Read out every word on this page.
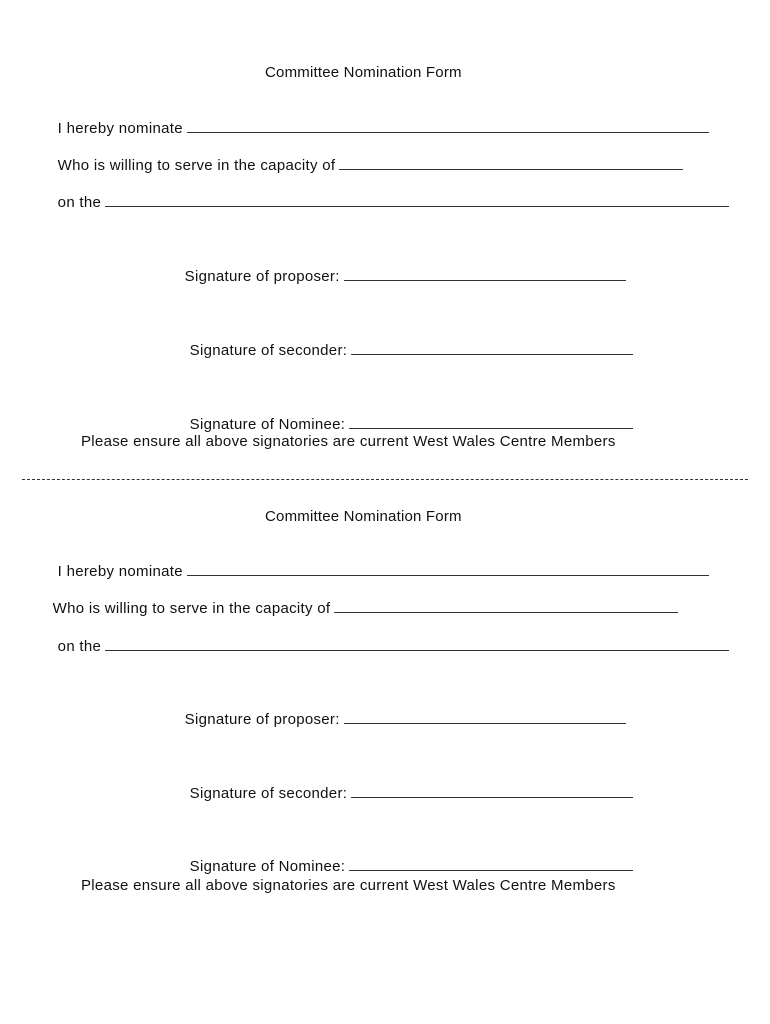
Committee Nomination Form

I hereby nominate

Who is willing to serve in the capacity of

on the

Signature of proposer:

Signature of seconder:

Signature of Nominee:

Please ensure all above signatories are current West Wales Centre Members
Committee Nomination Form

I hereby nominate

Who is willing to serve in the capacity of

on the

Signature of proposer:

Signature of seconder:

Signature of Nominee:

Please ensure all above signatories are current West Wales Centre Members
